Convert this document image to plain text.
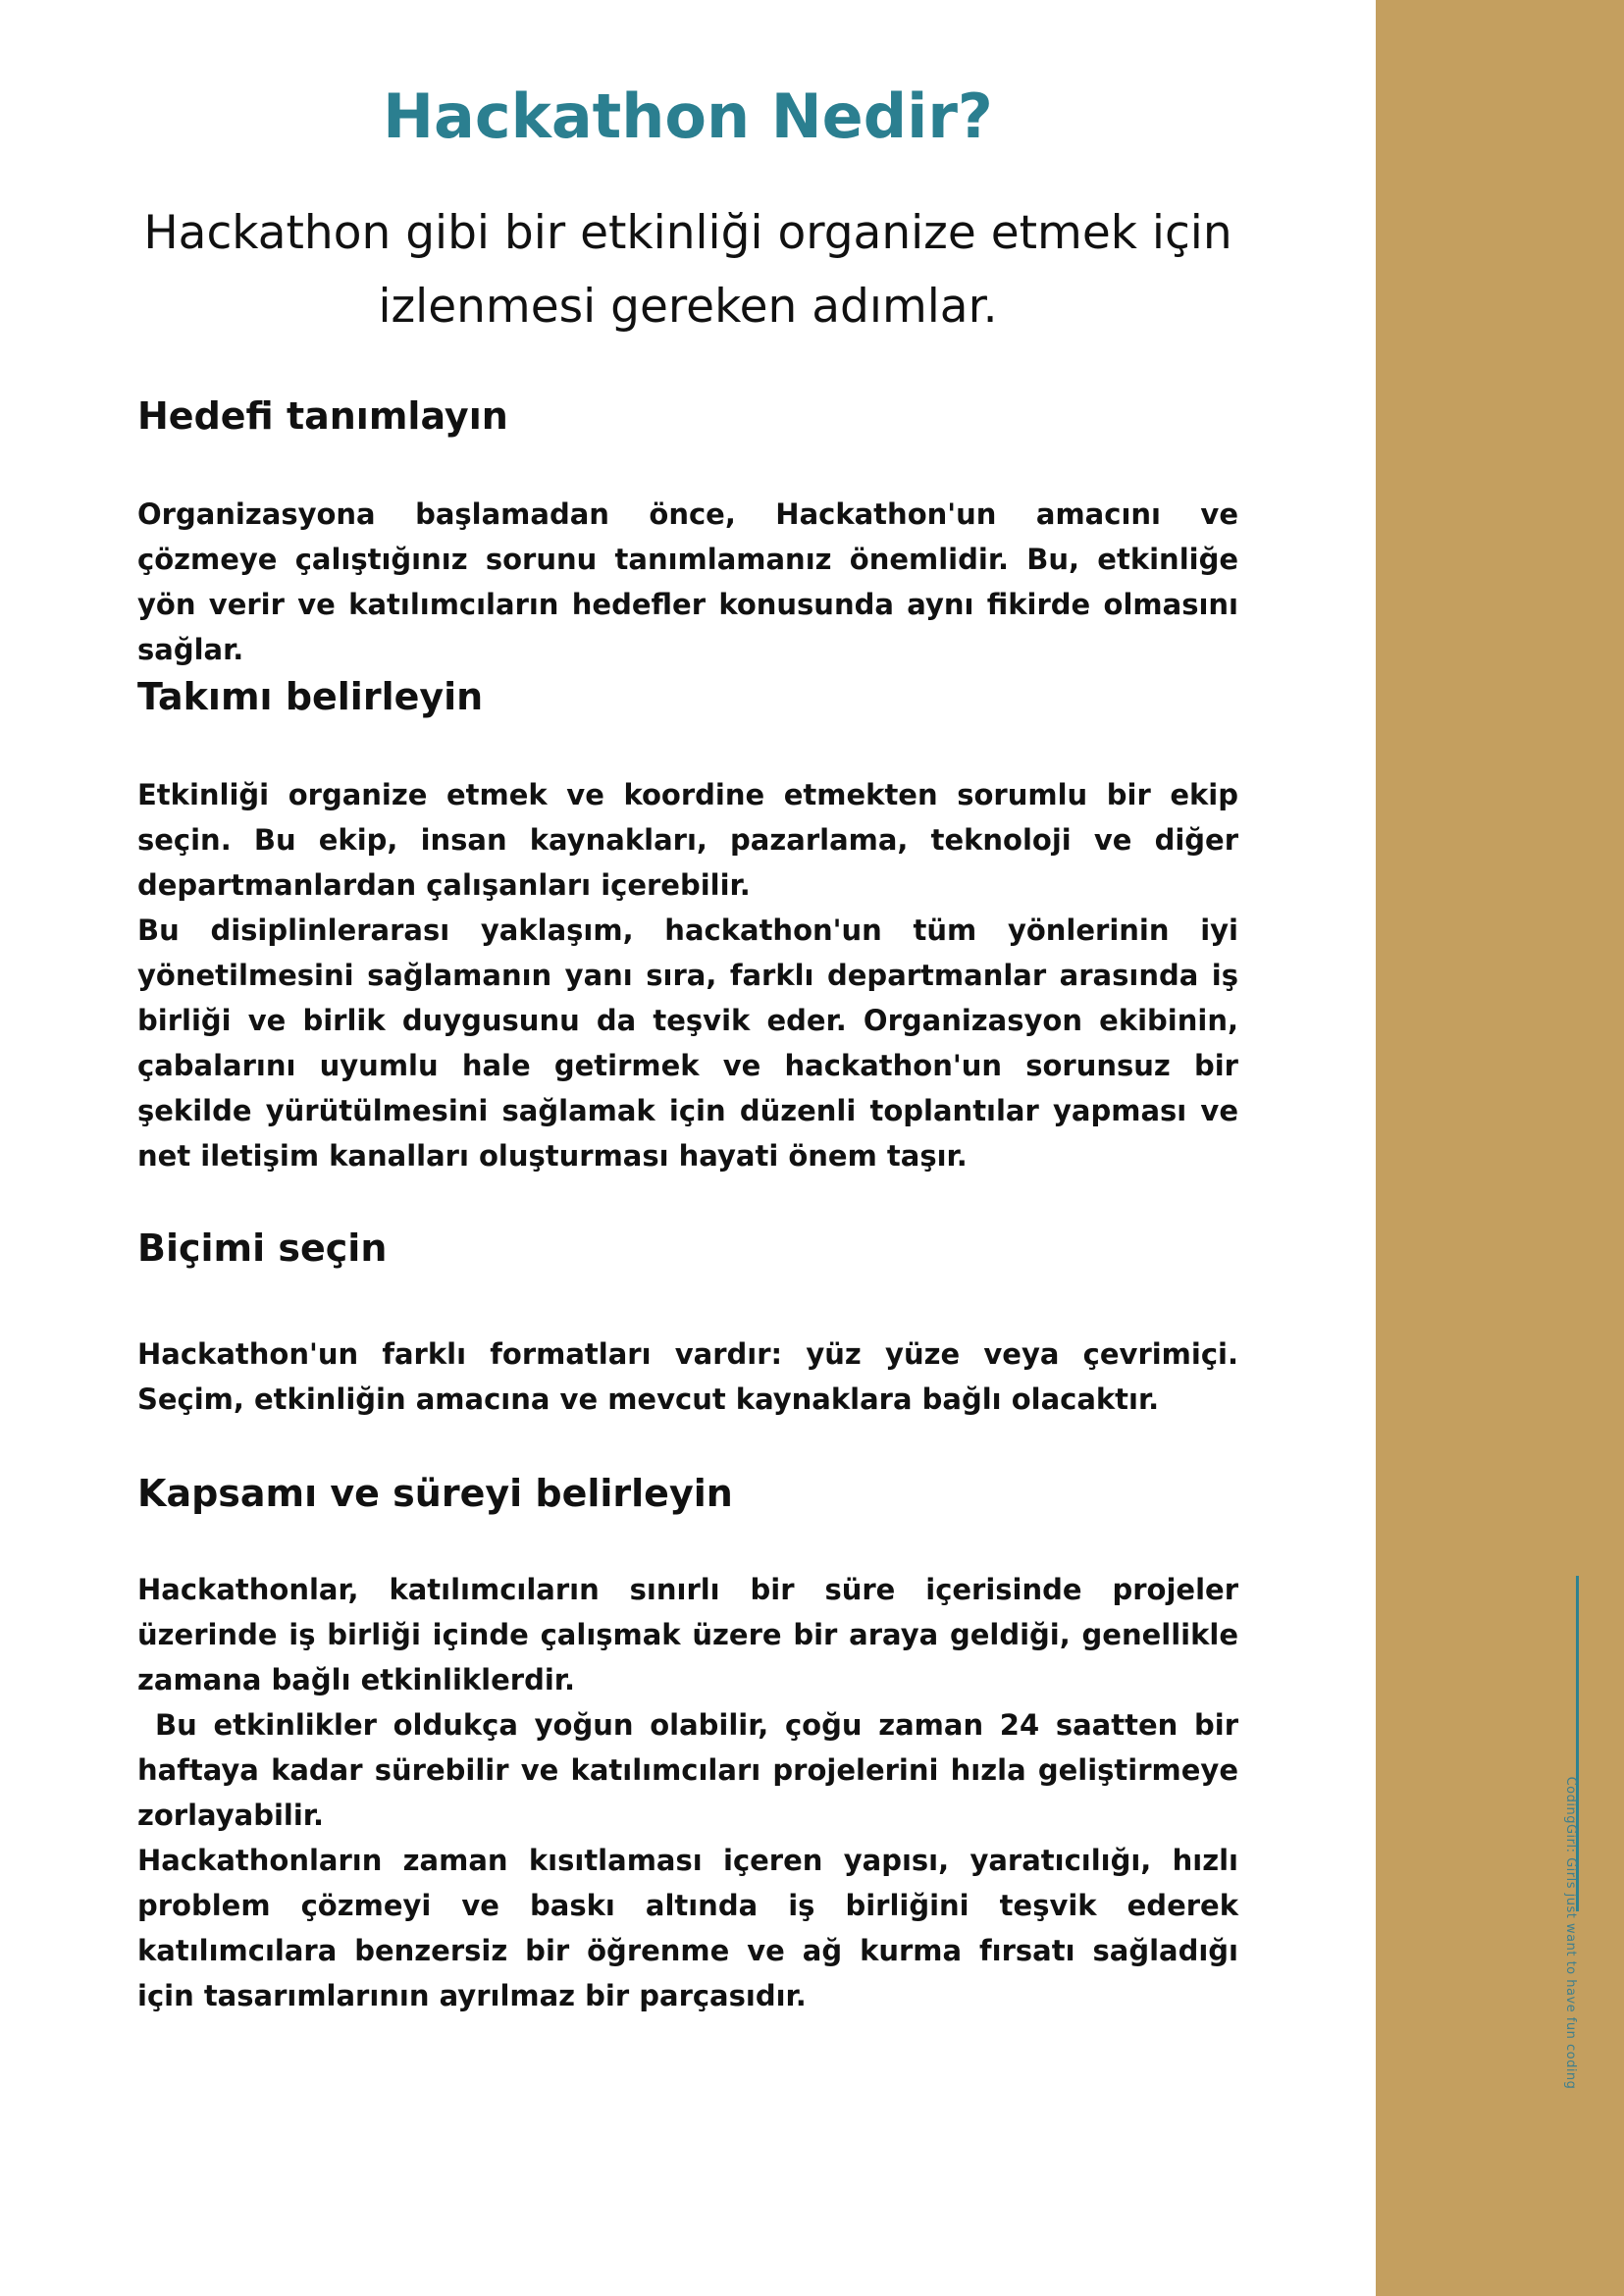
Hackathon Nedir?
Hackathon gibi bir etkinliği organize etmek için izlenmesi gereken adımlar.
Hedefi tanımlayın

Organizasyona başlamadan önce, Hackathon'un amacını ve çözmeye çalıştığınız sorunu tanımlamanız önemlidir. Bu, etkinliğe yön verir ve katılımcıların hedefler konusunda aynı fikirde olmasını sağlar.

Takımı belirleyin

Etkinliği organize etmek ve koordine etmekten sorumlu bir ekip seçin. Bu ekip, insan kaynakları, pazarlama, teknoloji ve diğer departmanlardan çalışanları içerebilir.

Bu disiplinlerarası yaklaşım, hackathon'un tüm yönlerinin iyi yönetilmesini sağlamanın yanı sıra, farklı departmanlar arasında iş birliği ve birlik duygusunu da teşvik eder. Organizasyon ekibinin, çabalarını uyumlu hale getirmek ve hackathon'un sorunsuz bir şekilde yürütülmesini sağlamak için düzenli toplantılar yapması ve net iletişim kanalları oluşturması hayati önem taşır.

Biçimi seçin

Hackathon'un farklı formatları vardır: yüz yüze veya çevrimiçi. Seçim, etkinliğin amacına ve mevcut kaynaklara bağlı olacaktır.

Kapsamı ve süreyi belirleyin

Hackathonlar, katılımcıların sınırlı bir süre içerisinde projeler üzerinde iş birliği içinde çalışmak üzere bir araya geldiği, genellikle zamana bağlı etkinliklerdir.

Bu etkinlikler oldukça yoğun olabilir, çoğu zaman 24 saatten bir haftaya kadar sürebilir ve katılımcıları projelerini hızla geliştirmeye zorlayabilir.

Hackathonların zaman kısıtlaması içeren yapısı, yaratıcılığı, hızlı problem çözmeyi ve baskı altında iş birliğini teşvik ederek katılımcılara benzersiz bir öğrenme ve ağ kurma fırsatı sağladığı için tasarımlarının ayrılmaz bir parçasıdır.	CodingGirl: Girls just want to have fun coding
